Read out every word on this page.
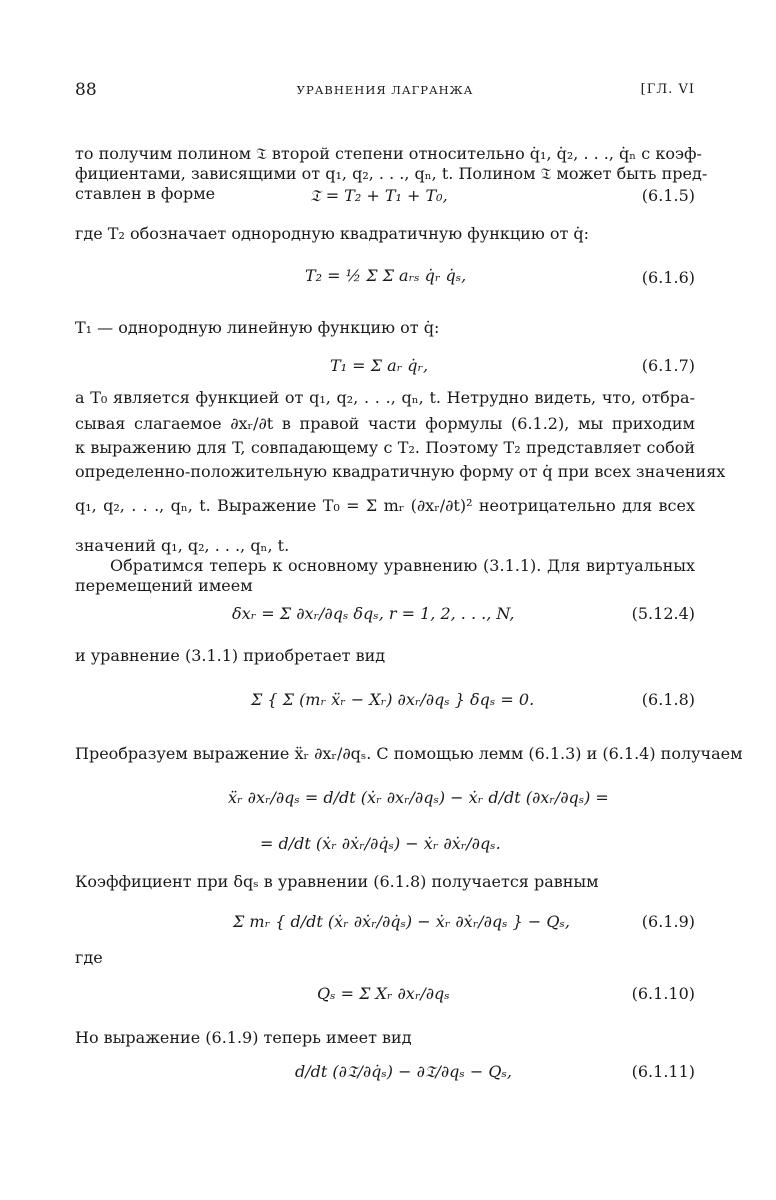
88	УРАВНЕНИЯ ЛАГРАНЖА	[ГЛ. VI
то получим полином 𝔗 второй степени относительно q̇₁, q̇₂, . . ., q̇ₙ с коэф-
фициентами, зависящими от q₁, q₂, . . ., qₙ, t. Полином 𝔗 может быть пред-
ставлен в форме	𝔗 = T₂ + T₁ + T₀,	(6.1.5)
где T₂ обозначает однородную квадратичную функцию от q̇:
T₂ = ½ Σ Σ aᵣₛ q̇ᵣ q̇ₛ,	(6.1.6)
T₁ — однородную линейную функцию от q̇:
T₁ = Σ aᵣ q̇ᵣ,	(6.1.7)
а T₀ является функцией от q₁, q₂, . . ., qₙ, t. Нетрудно видеть, что, отбра-
сывая слагаемое ∂xᵣ/∂t в правой части формулы (6.1.2), мы приходим
к выражению для T, совпадающему с T₂. Поэтому T₂ представляет собой
определенно-положительную квадратичную форму от q̇ при всех значениях
q₁, q₂, . . ., qₙ, t. Выражение T₀ = Σ mᵣ (∂xᵣ/∂t)² неотрицательно для всех
значений q₁, q₂, . . ., qₙ, t.
Обратимся теперь к основному уравнению (3.1.1). Для виртуальных
перемещений имеем
δxᵣ = Σ ∂xᵣ/∂qₛ δqₛ, r = 1, 2, . . ., N,	(5.12.4)
и уравнение (3.1.1) приобретает вид
Σ { Σ (mᵣ ẍᵣ − Xᵣ) ∂xᵣ/∂qₛ } δqₛ = 0.	(6.1.8)
Преобразуем выражение ẍᵣ ∂xᵣ/∂qₛ. С помощью лемм (6.1.3) и (6.1.4) получаем
ẍᵣ ∂xᵣ/∂qₛ = d/dt (ẋᵣ ∂xᵣ/∂qₛ) − ẋᵣ d/dt (∂xᵣ/∂qₛ) =
= d/dt (ẋᵣ ∂ẋᵣ/∂q̇ₛ) − ẋᵣ ∂ẋᵣ/∂qₛ.
Коэффициент при δqₛ в уравнении (6.1.8) получается равным
Σ mᵣ { d/dt (ẋᵣ ∂ẋᵣ/∂q̇ₛ) − ẋᵣ ∂ẋᵣ/∂qₛ } − Qₛ,	(6.1.9)
где
Qₛ = Σ Xᵣ ∂xᵣ/∂qₛ	(6.1.10)
Но выражение (6.1.9) теперь имеет вид
d/dt (∂𝔗/∂q̇ₛ) − ∂𝔗/∂qₛ − Qₛ,	(6.1.11)
